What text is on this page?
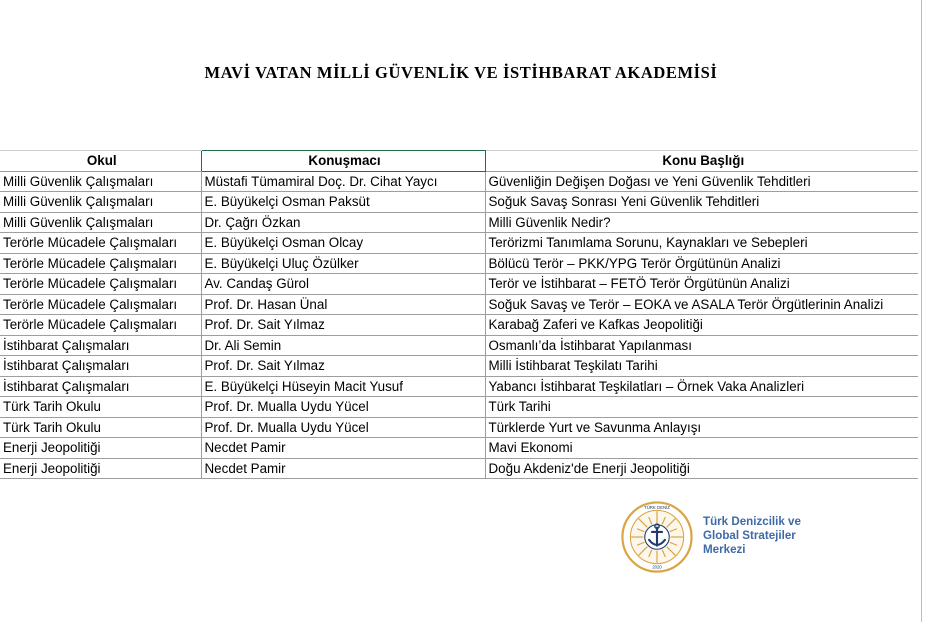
MAVİ VATAN MİLLİ GÜVENLİK VE İSTİHBARAT AKADEMİSİ
Okul	Konuşmacı	Konu Başlığı
Milli Güvenlik Çalışmaları	Müstafi Tümamiral Doç. Dr. Cihat Yaycı	Güvenliğin Değişen Doğası ve Yeni Güvenlik Tehditleri
Milli Güvenlik Çalışmaları	E. Büyükelçi Osman Paksüt	Soğuk Savaş Sonrası Yeni Güvenlik Tehditleri
Milli Güvenlik Çalışmaları	Dr. Çağrı Özkan	Milli Güvenlik Nedir?
Terörle Mücadele Çalışmaları	E. Büyükelçi Osman Olcay	Terörizmi Tanımlama Sorunu, Kaynakları ve Sebepleri
Terörle Mücadele Çalışmaları	E. Büyükelçi Uluç Özülker	Bölücü Terör – PKK/YPG Terör Örgütünün Analizi
Terörle Mücadele Çalışmaları	Av. Candaş Gürol	Terör ve İstihbarat – FETÖ Terör Örgütünün Analizi
Terörle Mücadele Çalışmaları	Prof. Dr. Hasan Ünal	Soğuk Savaş ve Terör – EOKA ve ASALA Terör Örgütlerinin Analizi
Terörle Mücadele Çalışmaları	Prof. Dr. Sait Yılmaz	Karabağ Zaferi ve Kafkas Jeopolitiği
İstihbarat Çalışmaları	Dr. Ali Semin	Osmanlı’da İstihbarat Yapılanması
İstihbarat Çalışmaları	Prof. Dr. Sait Yılmaz	Milli İstihbarat Teşkilatı Tarihi
İstihbarat Çalışmaları	E. Büyükelçi Hüseyin Macit Yusuf	Yabancı İstihbarat Teşkilatları – Örnek Vaka Analizleri
Türk Tarih Okulu	Prof. Dr. Mualla Uydu Yücel	Türk Tarihi
Türk Tarih Okulu	Prof. Dr. Mualla Uydu Yücel	Türklerde Yurt ve Savunma Anlayışı
Enerji Jeopolitiği	Necdet Pamir	Mavi Ekonomi
Enerji Jeopolitiği	Necdet Pamir	Doğu Akdeniz'de Enerji Jeopolitiği
TÜRK DENİZ
2020
Türk Denizcilik ve
Global Stratejiler
Merkezi
